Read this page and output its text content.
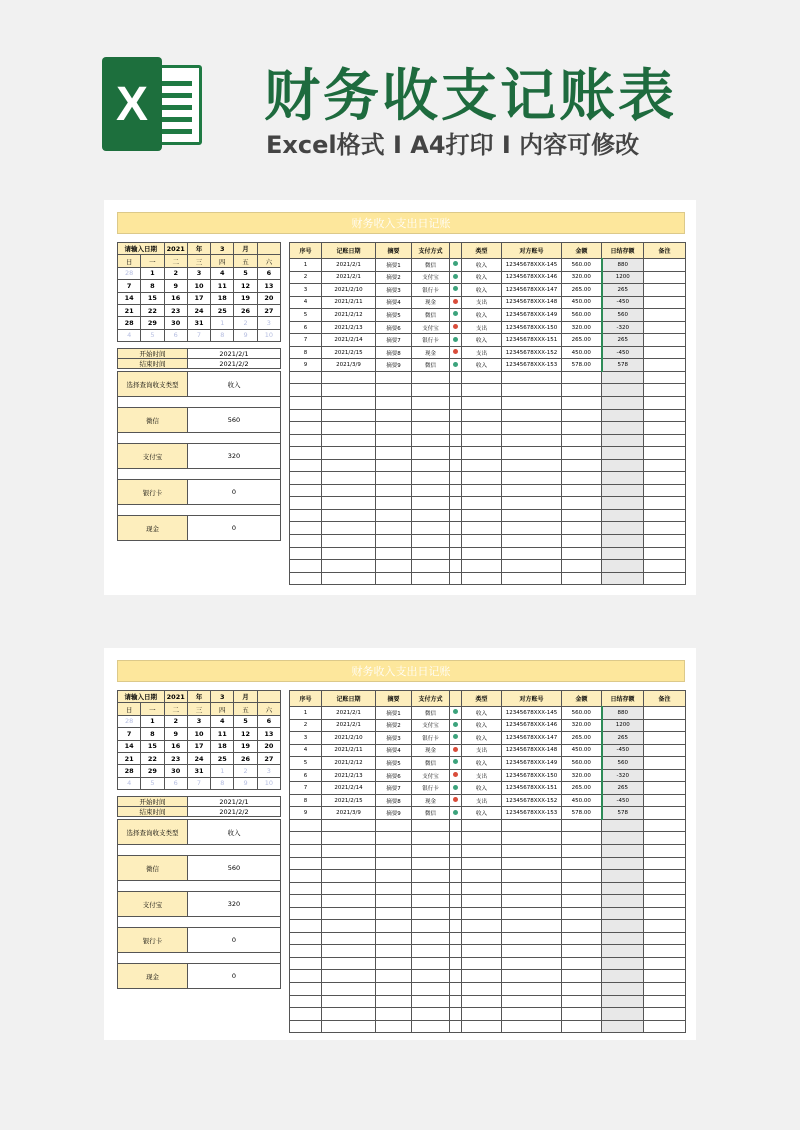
X 财务收支记账表
Excel格式 I A4打印 I 内容可修改
财务收入支出日记账
请输入日期		2021	年	3	月	
日	一	二	三	四	五	六
28	1	2	3	4	5	6
7	8	9	10	11	12	13
14	15	16	17	18	19	20
21	22	23	24	25	26	27
28	29	30	31	1	2	3
4	5	6	7	8	9	10
开始时间	2021/2/1
结束时间	2021/2/2
选择查询收支类型	收入

微信	560

支付宝	320

银行卡	0

现金	0
序号	记账日期	摘要	支付方式		类型	对方账号	金额	日结存额	备注
1	2021/2/1	摘要1	微信		收入	12345678XXX-145	560.00	880	
2	2021/2/1	摘要2	支付宝		收入	12345678XXX-146	320.00	1200	
3	2021/2/10	摘要3	银行卡		收入	12345678XXX-147	265.00	265	
4	2021/2/11	摘要4	现金		支出	12345678XXX-148	450.00	-450	
5	2021/2/12	摘要5	微信		收入	12345678XXX-149	560.00	560	
6	2021/2/13	摘要6	支付宝		支出	12345678XXX-150	320.00	-320	
7	2021/2/14	摘要7	银行卡		收入	12345678XXX-151	265.00	265	
8	2021/2/15	摘要8	现金		支出	12345678XXX-152	450.00	-450	
9	2021/3/9	摘要9	微信		收入	12345678XXX-153	578.00	578	

财务收入支出日记账
请输入日期		2021	年	3	月	
日	一	二	三	四	五	六
28	1	2	3	4	5	6
7	8	9	10	11	12	13
14	15	16	17	18	19	20
21	22	23	24	25	26	27
28	29	30	31	1	2	3
4	5	6	7	8	9	10
开始时间	2021/2/1
结束时间	2021/2/2
选择查询收支类型	收入

微信	560

支付宝	320

银行卡	0

现金	0
序号	记账日期	摘要	支付方式		类型	对方账号	金额	日结存额	备注
1	2021/2/1	摘要1	微信		收入	12345678XXX-145	560.00	880	
2	2021/2/1	摘要2	支付宝		收入	12345678XXX-146	320.00	1200	
3	2021/2/10	摘要3	银行卡		收入	12345678XXX-147	265.00	265	
4	2021/2/11	摘要4	现金		支出	12345678XXX-148	450.00	-450	
5	2021/2/12	摘要5	微信		收入	12345678XXX-149	560.00	560	
6	2021/2/13	摘要6	支付宝		支出	12345678XXX-150	320.00	-320	
7	2021/2/14	摘要7	银行卡		收入	12345678XXX-151	265.00	265	
8	2021/2/15	摘要8	现金		支出	12345678XXX-152	450.00	-450	
9	2021/3/9	摘要9	微信		收入	12345678XXX-153	578.00	578	
